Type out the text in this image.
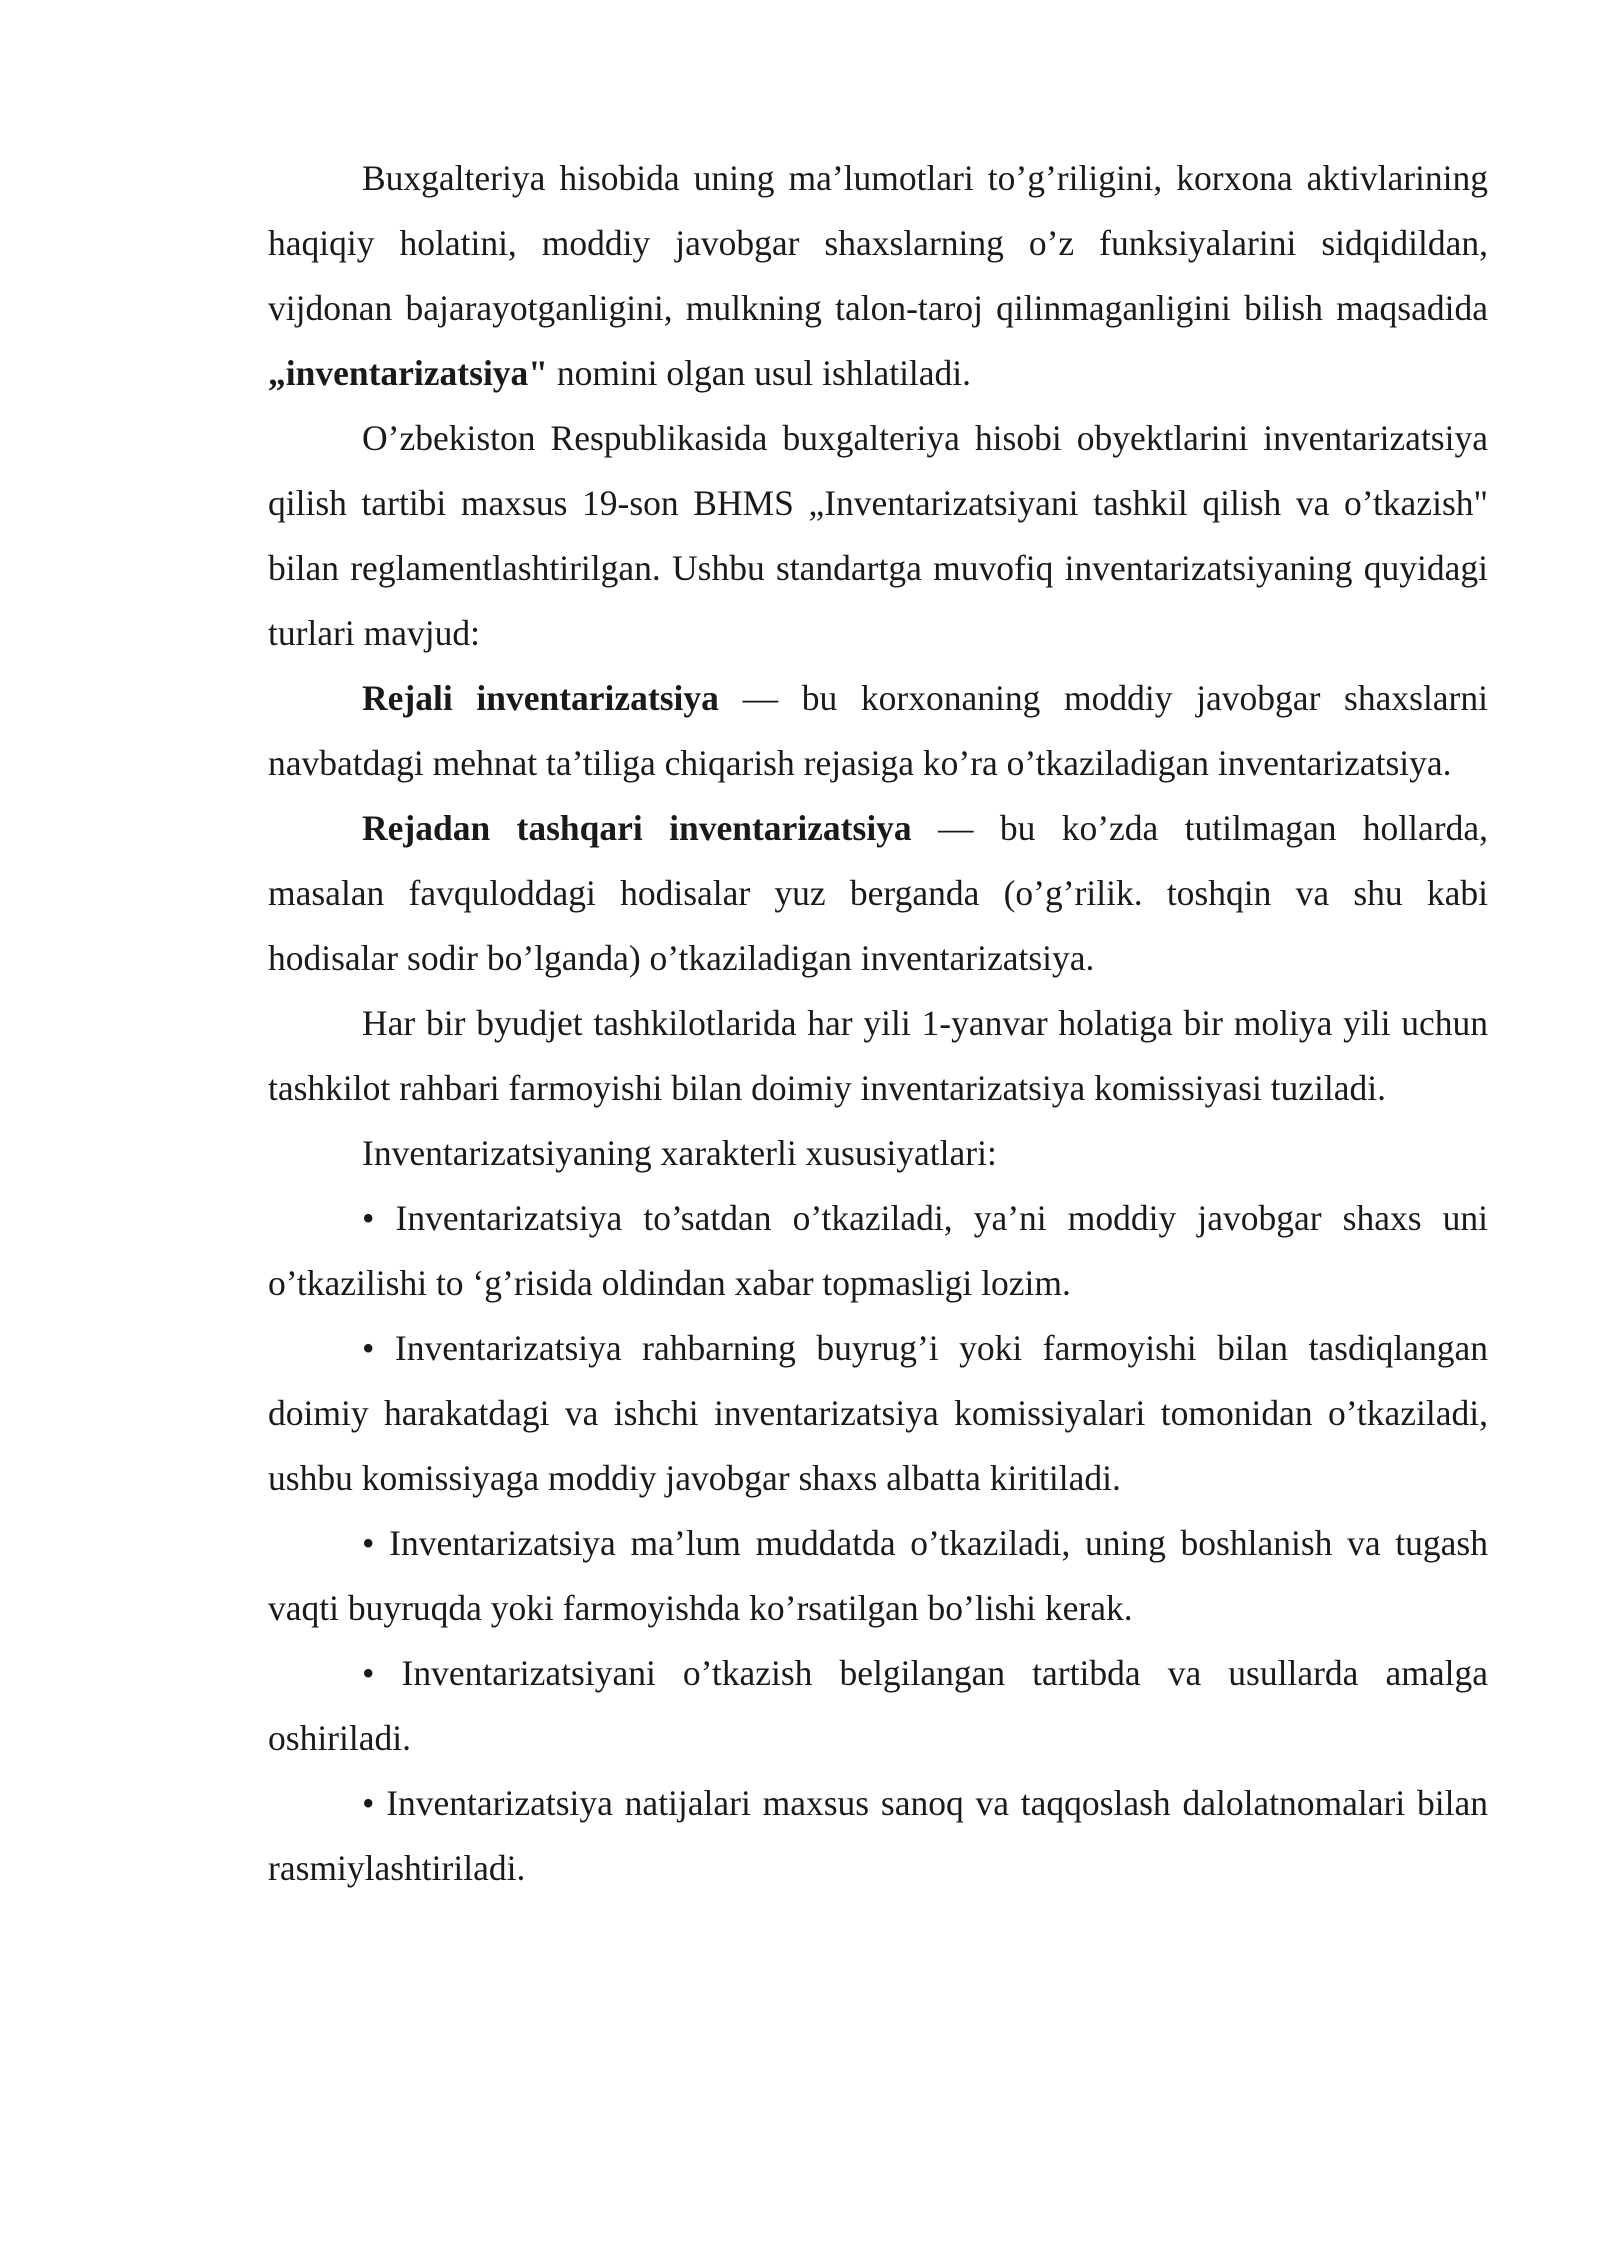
Buxgalteriya hisobida uning ma’lumotlari to’g’riligini, korxona aktivlarining haqiqiy holatini, moddiy javobgar shaxslarning o’z funksiyalarini sidqidildan, vijdonan bajarayotganligini, mulkning talon-taroj qilinmaganligini bilish maqsadida „inventarizatsiya" nomini olgan usul ishlatiladi.

O’zbekiston Respublikasida buxgalteriya hisobi obyektlarini inventarizatsiya qilish tartibi maxsus 19-son BHMS „Inventarizatsiyani tashkil qilish va o’tkazish" bilan reglamentlashtirilgan. Ushbu standartga muvofiq inventarizatsiyaning quyidagi turlari mavjud:

Rejali inventarizatsiya — bu korxonaning moddiy javobgar shaxslarni navbatdagi mehnat ta’tiliga chiqarish rejasiga ko’ra o’tkaziladigan inventarizatsiya.

Rejadan tashqari inventarizatsiya — bu ko’zda tutilmagan hollarda, masalan favquloddagi hodisalar yuz berganda (o’g’rilik. toshqin va shu kabi hodisalar sodir bo’lganda) o’tkaziladigan inventarizatsiya.

Har bir byudjet tashkilotlarida har yili 1-yanvar holatiga bir moliya yili uchun tashkilot rahbari farmoyishi bilan doimiy inventarizatsiya komissiyasi tuziladi.

Inventarizatsiyaning xarakterli xususiyatlari:

• Inventarizatsiya to’satdan o’tkaziladi, ya’ni moddiy javobgar shaxs uni o’tkazilishi to ‘g’risida oldindan xabar topmasligi lozim.

• Inventarizatsiya rahbarning buyrug’i yoki farmoyishi bilan tasdiqlangan doimiy harakatdagi va ishchi inventarizatsiya komissiyalari tomonidan o’tkaziladi, ushbu komissiyaga moddiy javobgar shaxs albatta kiritiladi.

• Inventarizatsiya ma’lum muddatda o’tkaziladi, uning boshlanish va tugash vaqti buyruqda yoki farmoyishda ko’rsatilgan bo’lishi kerak.

• Inventarizatsiyani o’tkazish belgilangan tartibda va usullarda amalga oshiriladi.

• Inventarizatsiya natijalari maxsus sanoq va taqqoslash dalolatnomalari bilan rasmiylashtiriladi.
